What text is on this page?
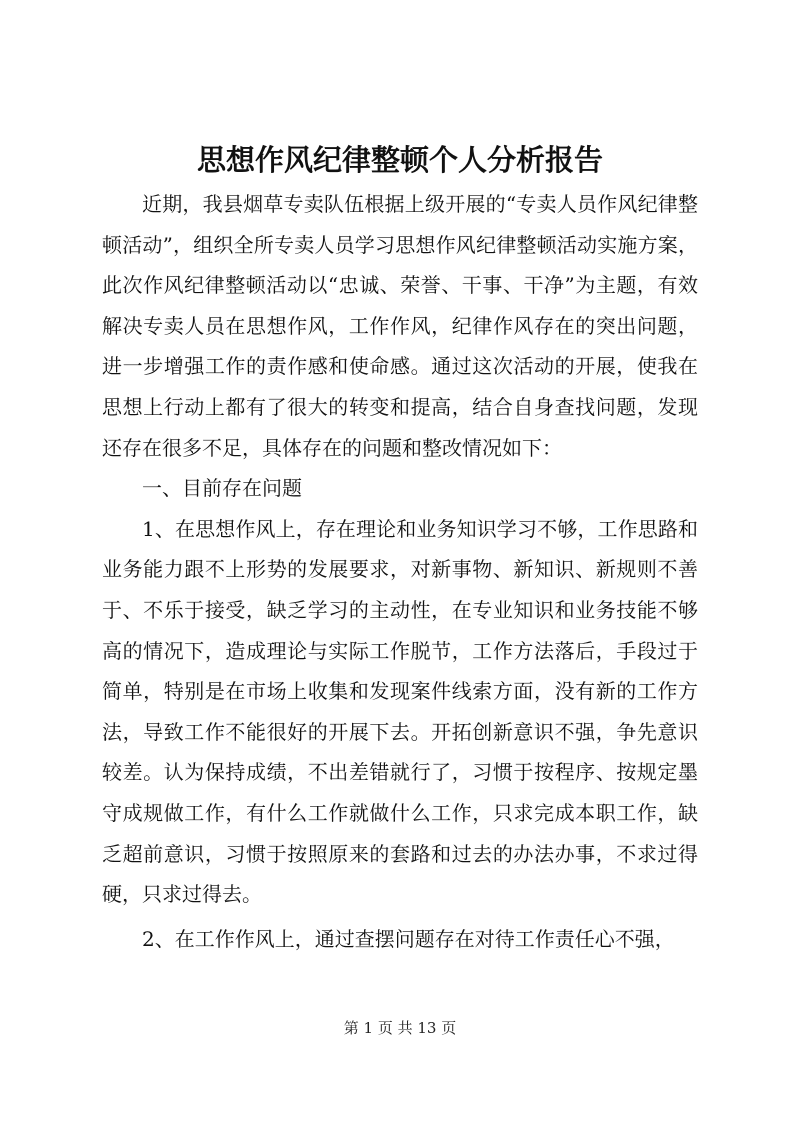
思想作风纪律整顿个人分析报告

近期，我县烟草专卖队伍根据上级开展的“专卖人员作风纪律整顿活动”，组织全所专卖人员学习思想作风纪律整顿活动实施方案，此次作风纪律整顿活动以“忠诚、荣誉、干事、干净”为主题，有效解决专卖人员在思想作风，工作作风，纪律作风存在的突出问题，进一步增强工作的责作感和使命感。通过这次活动的开展，使我在思想上行动上都有了很大的转变和提高，结合自身查找问题，发现还存在很多不足，具体存在的问题和整改情况如下：

一、目前存在问题

1、在思想作风上，存在理论和业务知识学习不够，工作思路和业务能力跟不上形势的发展要求，对新事物、新知识、新规则不善于、不乐于接受，缺乏学习的主动性，在专业知识和业务技能不够高的情况下，造成理论与实际工作脱节，工作方法落后，手段过于简单，特别是在市场上收集和发现案件线索方面，没有新的工作方法，导致工作不能很好的开展下去。开拓创新意识不强，争先意识较差。认为保持成绩，不出差错就行了，习惯于按程序、按规定墨守成规做工作，有什么工作就做什么工作，只求完成本职工作，缺乏超前意识，习惯于按照原来的套路和过去的办法办事，不求过得硬，只求过得去。

2、在工作作风上，通过查摆问题存在对待工作责任心不强，

第 1 页 共 13 页
